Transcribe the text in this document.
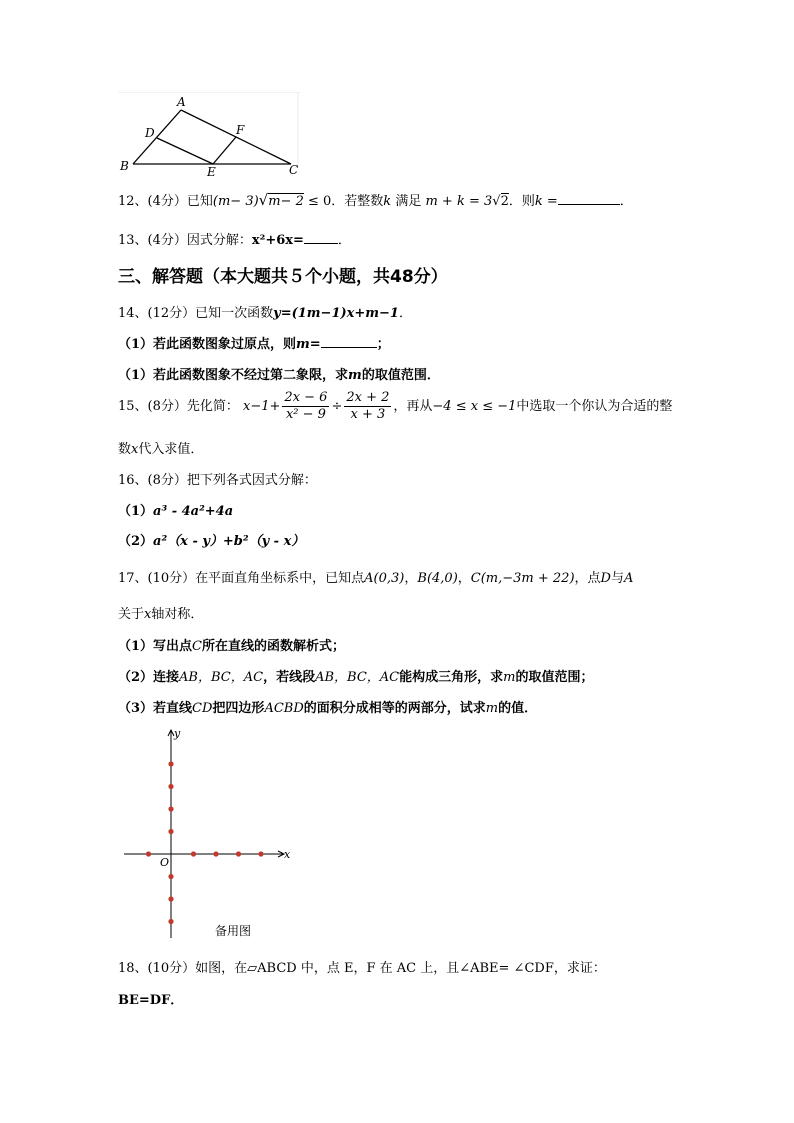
A
D	F
B	E	C
12、(4分）已知(m− 3)√m− 2 ≤ 0．若整数k 满足 m + k = 3√2．则k =	．
13、(4分）因式分解：x²+6x=	．
三、解答题（本大题共５个小题，共48分）
14、(12分）已知一次函数y=(1m−1)x+m−1．
（1）若此函数图象过原点，则m=	；
（1）若此函数图象不经过第二象限，求m的取值范围．
15、(8分）先化简： $x-1+ \frac{2x - 6}{\text{x² − 9}} \div \frac{2x + 2}{x + 3}$ ，再从−4 ≤ x ≤ −1中选取一个你认为合适的整
数x代入求值．
16、(8分）把下列各式因式分解：
（1）a³ - 4a²+4a
（2）a²（x - y）+b²（y - x）
17、(10分）在平面直角坐标系中，已知点A(0,3)，B(4,0)，C(m,−3m + 22)，点D与A
关于x轴对称．
（1）写出点C所在直线的函数解析式；
（2）连接AB，BC，AC，若线段AB，BC，AC能构成三角形，求m的取值范围；
（3）若直线CD把四边形ACBD的面积分成相等的两部分，试求m的值．
y
x
O
备用图
18、(10分）如图，在▱ABCD 中，点 E，F 在 AC 上，且∠ABE= ∠CDF，求证：
BE=DF．
